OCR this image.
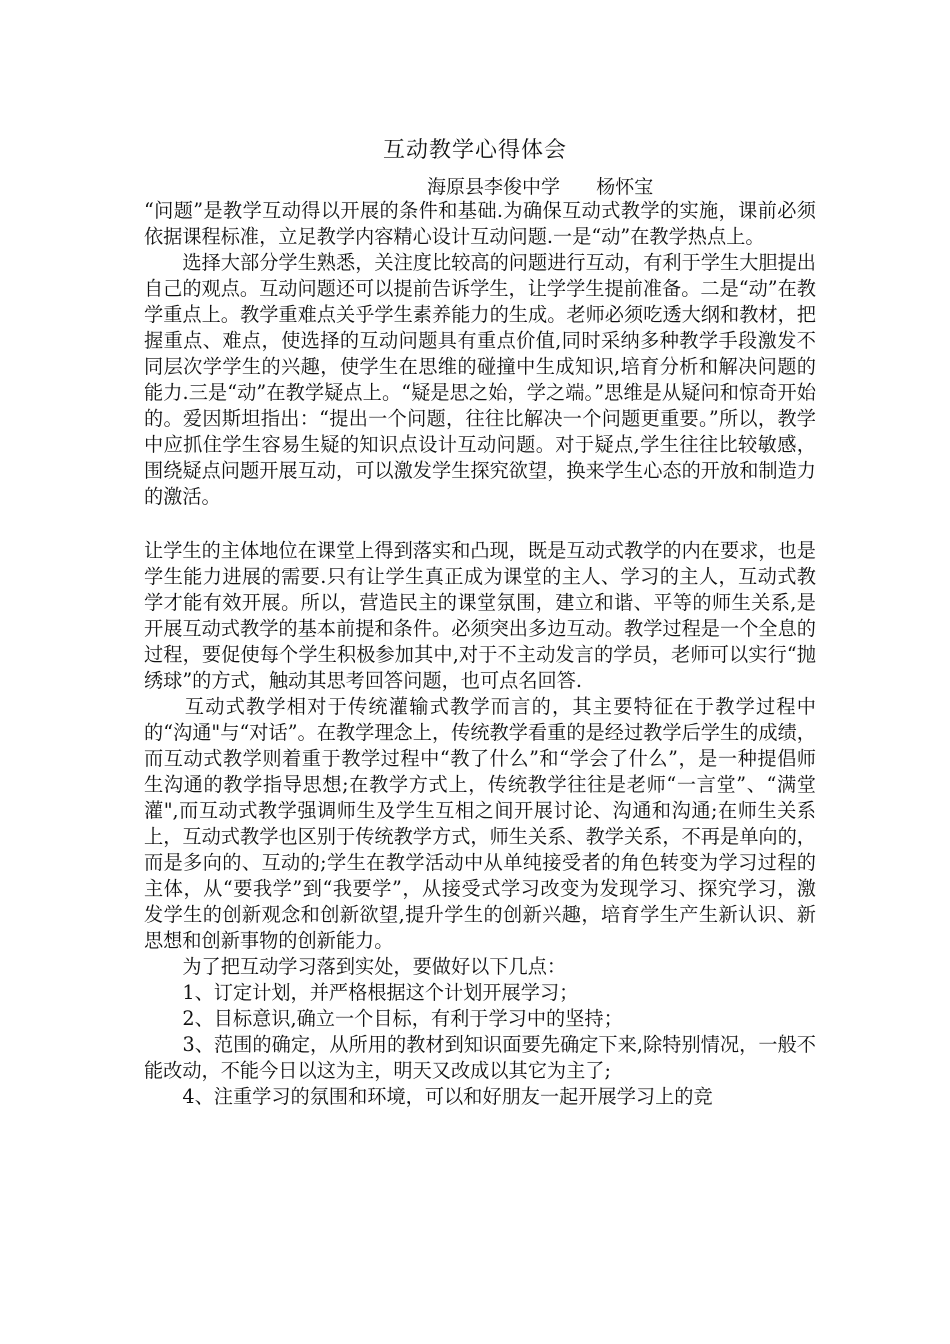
互动教学心得体会
海原县李俊中学      杨怀宝

“问题”是教学互动得以开展的条件和基础.为确保互动式教学的实施，课前必须依据课程标准，立足教学内容精心设计互动问题.一是“动”在教学热点上。

　　选择大部分学生熟悉，关注度比较高的问题进行互动，有利于学生大胆提出自己的观点。互动问题还可以提前告诉学生，让学学生提前准备。二是“动”在教学重点上。教学重难点关乎学生素养能力的生成。老师必须吃透大纲和教材，把握重点、难点，使选择的互动问题具有重点价值,同时采纳多种教学手段激发不同层次学学生的兴趣，使学生在思维的碰撞中生成知识,培育分析和解决问题的能力.三是“动”在教学疑点上。“疑是思之始，学之端。”思维是从疑问和惊奇开始的。爱因斯坦指出：“提出一个问题，往往比解决一个问题更重要。”所以，教学中应抓住学生容易生疑的知识点设计互动问题。对于疑点,学生往往比较敏感，围绕疑点问题开展互动，可以激发学生探究欲望，换来学生心态的开放和制造力的激活。

让学生的主体地位在课堂上得到落实和凸现，既是互动式教学的内在要求，也是学生能力进展的需要.只有让学生真正成为课堂的主人、学习的主人，互动式教学才能有效开展。所以，营造民主的课堂氛围，建立和谐、平等的师生关系,是开展互动式教学的基本前提和条件。必须突出多边互动。教学过程是一个全息的过程，要促使每个学生积极参加其中,对于不主动发言的学员，老师可以实行“抛绣球”的方式，触动其思考回答问题，也可点名回答.

　　互动式教学相对于传统灌输式教学而言的，其主要特征在于教学过程中的“沟通"与“对话”。在教学理念上，传统教学看重的是经过教学后学生的成绩，而互动式教学则着重于教学过程中“教了什么”和“学会了什么”，是一种提倡师生沟通的教学指导思想;在教学方式上，传统教学往往是老师“一言堂”、“满堂灌",而互动式教学强调师生及学生互相之间开展讨论、沟通和沟通;在师生关系上，互动式教学也区别于传统教学方式，师生关系、教学关系，不再是单向的，而是多向的、互动的;学生在教学活动中从单纯接受者的角色转变为学习过程的主体，从“要我学”到“我要学”，从接受式学习改变为发现学习、探究学习，激发学生的创新观念和创新欲望,提升学生的创新兴趣，培育学生产生新认识、新思想和创新事物的创新能力。

　　为了把互动学习落到实处，要做好以下几点：

　　1、订定计划，并严格根据这个计划开展学习；

　　2、目标意识,确立一个目标，有利于学习中的坚持；

　　3、范围的确定，从所用的教材到知识面要先确定下来,除特别情况，一般不能改动，不能今日以这为主，明天又改成以其它为主了;

　　4、注重学习的氛围和环境，可以和好朋友一起开展学习上的竞
